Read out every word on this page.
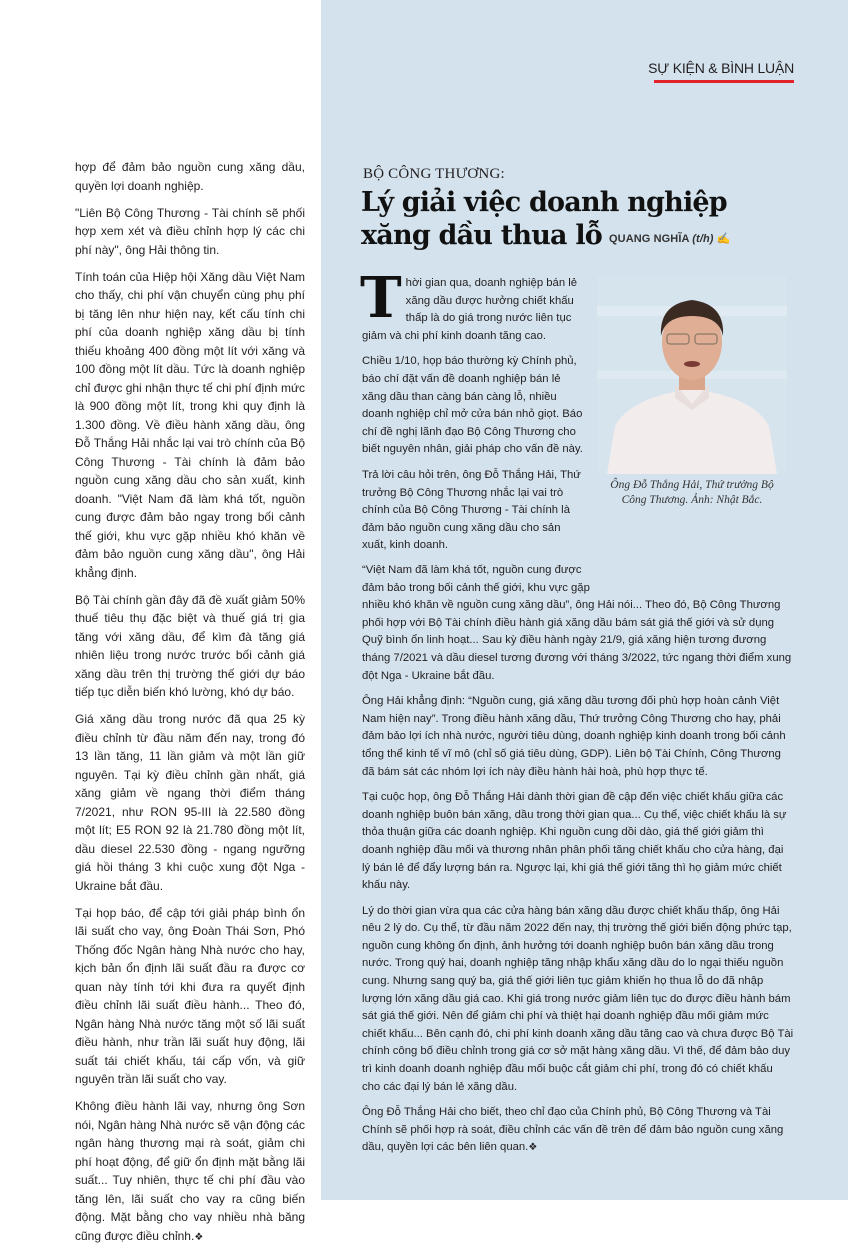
hợp để đảm bảo nguồn cung xăng dầu, quyền lợi doanh nghiệp.

"Liên Bộ Công Thương - Tài chính sẽ phối hợp xem xét và điều chỉnh hợp lý các chi phí này", ông Hải thông tin.

Tính toán của Hiệp hội Xăng dầu Việt Nam cho thấy, chi phí vận chuyển cùng phụ phí bị tăng lên như hiện nay, kết cấu tính chi phí của doanh nghiệp xăng dầu bị tính thiếu khoảng 400 đồng một lít với xăng và 100 đồng một lít dầu. Tức là doanh nghiệp chỉ được ghi nhận thực tế chi phí định mức là 900 đồng một lít, trong khi quy định là 1.300 đồng. Về điều hành xăng dầu, ông Đỗ Thắng Hải nhắc lại vai trò chính của Bộ Công Thương - Tài chính là đảm bảo nguồn cung xăng dầu cho sản xuất, kinh doanh. "Việt Nam đã làm khá tốt, nguồn cung được đảm bảo ngay trong bối cảnh thế giới, khu vực gặp nhiều khó khăn về đảm bảo nguồn cung xăng dầu", ông Hải khẳng định.

Bộ Tài chính gần đây đã đề xuất giảm 50% thuế tiêu thụ đặc biệt và thuế giá trị gia tăng với xăng dầu, để kìm đà tăng giá nhiên liệu trong nước trước bối cảnh giá xăng dầu trên thị trường thế giới dự báo tiếp tục diễn biến khó lường, khó dự báo.

Giá xăng dầu trong nước đã qua 25 kỳ điều chỉnh từ đầu năm đến nay, trong đó 13 lần tăng, 11 lần giảm và một lần giữ nguyên. Tại kỳ điều chỉnh gần nhất, giá xăng giảm về ngang thời điểm tháng 7/2021, như RON 95-III là 22.580 đồng một lít; E5 RON 92 là 21.780 đồng một lít, dầu diesel 22.530 đồng - ngang ngưỡng giá hồi tháng 3 khi cuộc xung đột Nga - Ukraine bắt đầu.

Tại họp báo, để cập tới giải pháp bình ổn lãi suất cho vay, ông Đoàn Thái Sơn, Phó Thống đốc Ngân hàng Nhà nước cho hay, kịch bản ổn định lãi suất đầu ra được cơ quan này tính tới khi đưa ra quyết định điều chỉnh lãi suất điều hành... Theo đó, Ngân hàng Nhà nước tăng một số lãi suất điều hành, như trần lãi suất huy động, lãi suất tái chiết khấu, tái cấp vốn, và giữ nguyên trần lãi suất cho vay.

Không điều hành lãi vay, nhưng ông Sơn nói, Ngân hàng Nhà nước sẽ vận động các ngân hàng thương mại rà soát, giảm chi phí hoạt động, để giữ ổn định mặt bằng lãi suất... Tuy nhiên, thực tế chi phí đầu vào tăng lên, lãi suất cho vay ra cũng biến động. Mặt bằng cho vay nhiều nhà băng cũng được điều chỉnh.❖

SỰ KIỆN & BÌNH LUẬN
BỘ CÔNG THƯƠNG:
Lý giải việc doanh nghiệp
xăng dầu thua lỗ QUANG NGHĨA (t/h) ✍

Thời gian qua, doanh nghiệp bán lẻ xăng dầu được hưởng chiết khấu thấp là do giá trong nước liên tục giảm và chi phí kinh doanh tăng cao.

Chiều 1/10, họp báo thường kỳ Chính phủ, báo chí đặt vấn đề doanh nghiệp bán lẻ xăng dầu than càng bán càng lỗ, nhiều doanh nghiệp chỉ mở cửa bán nhỏ giọt. Báo chí đề nghị lãnh đạo Bộ Công Thương cho biết nguyên nhân, giải pháp cho vấn đề này.

Trả lời câu hỏi trên, ông Đỗ Thắng Hải, Thứ trưởng Bộ Công Thương nhắc lại vai trò chính của Bộ Công Thương - Tài chính là đảm bảo nguồn cung xăng dầu cho sản xuất, kinh doanh.

Ông Đỗ Thắng Hải, Thứ trưởng Bộ Công Thương. Ảnh: Nhật Bắc.

“Việt Nam đã làm khá tốt, nguồn cung được
đảm bảo trong bối cảnh thế giới, khu vực gặp
nhiều khó khăn về nguồn cung xăng dầu”, ông Hải nói... Theo đó, Bộ Công Thương phối hợp với Bộ Tài chính điều hành giá xăng dầu bám sát giá thế giới và sử dụng Quỹ bình ổn linh hoạt... Sau kỳ điều hành ngày 21/9, giá xăng hiện tương đương tháng 7/2021 và dầu diesel tương đương với tháng 3/2022, tức ngang thời điểm xung đột Nga - Ukraine bắt đầu.

Ông Hải khẳng định: “Nguồn cung, giá xăng dầu tương đối phù hợp hoàn cảnh Việt Nam hiện nay”. Trong điều hành xăng dầu, Thứ trưởng Công Thương cho hay, phải đảm bảo lợi ích nhà nước, người tiêu dùng, doanh nghiệp kinh doanh trong bối cảnh tổng thể kinh tế vĩ mô (chỉ số giá tiêu dùng, GDP). Liên bộ Tài Chính, Công Thương đã bám sát các nhóm lợi ích này điều hành hài hoà, phù hợp thực tế.

Tại cuộc họp, ông Đỗ Thắng Hải dành thời gian đề cập đến việc chiết khấu giữa các doanh nghiệp buôn bán xăng, dầu trong thời gian qua... Cụ thể, việc chiết khấu là sự thỏa thuận giữa các doanh nghiệp. Khi nguồn cung dồi dào, giá thế giới giảm thì doanh nghiệp đầu mối và thương nhân phân phối tăng chiết khấu cho cửa hàng, đại lý bán lẻ để đẩy lượng bán ra. Ngược lại, khi giá thế giới tăng thì họ giảm mức chiết khấu này.

Lý do thời gian vừa qua các cửa hàng bán xăng dầu được chiết khấu thấp, ông Hải nêu 2 lý do. Cụ thể, từ đầu năm 2022 đến nay, thị trường thế giới biến động phức tạp, nguồn cung không ổn định, ảnh hưởng tới doanh nghiệp buôn bán xăng dầu trong nước. Trong quý hai, doanh nghiệp tăng nhập khẩu xăng dầu do lo ngại thiếu nguồn cung. Nhưng sang quý ba, giá thế giới liên tục giảm khiến họ thua lỗ do đã nhập lượng lớn xăng dầu giá cao. Khi giá trong nước giảm liên tục do được điều hành bám sát giá thế giới. Nên để giảm chi phí và thiệt hại doanh nghiệp đầu mối giảm mức chiết khấu... Bên cạnh đó, chi phí kinh doanh xăng dầu tăng cao và chưa được Bộ Tài chính công bố điều chỉnh trong giá cơ sở mặt hàng xăng dầu. Vì thế, để đảm bảo duy trì kinh doanh doanh nghiệp đầu mối buộc cắt giảm chi phí, trong đó có chiết khấu cho các đại lý bán lẻ xăng dầu.

Ông Đỗ Thắng Hải cho biết, theo chỉ đạo của Chính phủ, Bộ Công Thương và Tài Chính sẽ phối hợp rà soát, điều chỉnh các vấn đề trên để đảm bảo nguồn cung xăng dầu, quyền lợi các bên liên quan.❖
